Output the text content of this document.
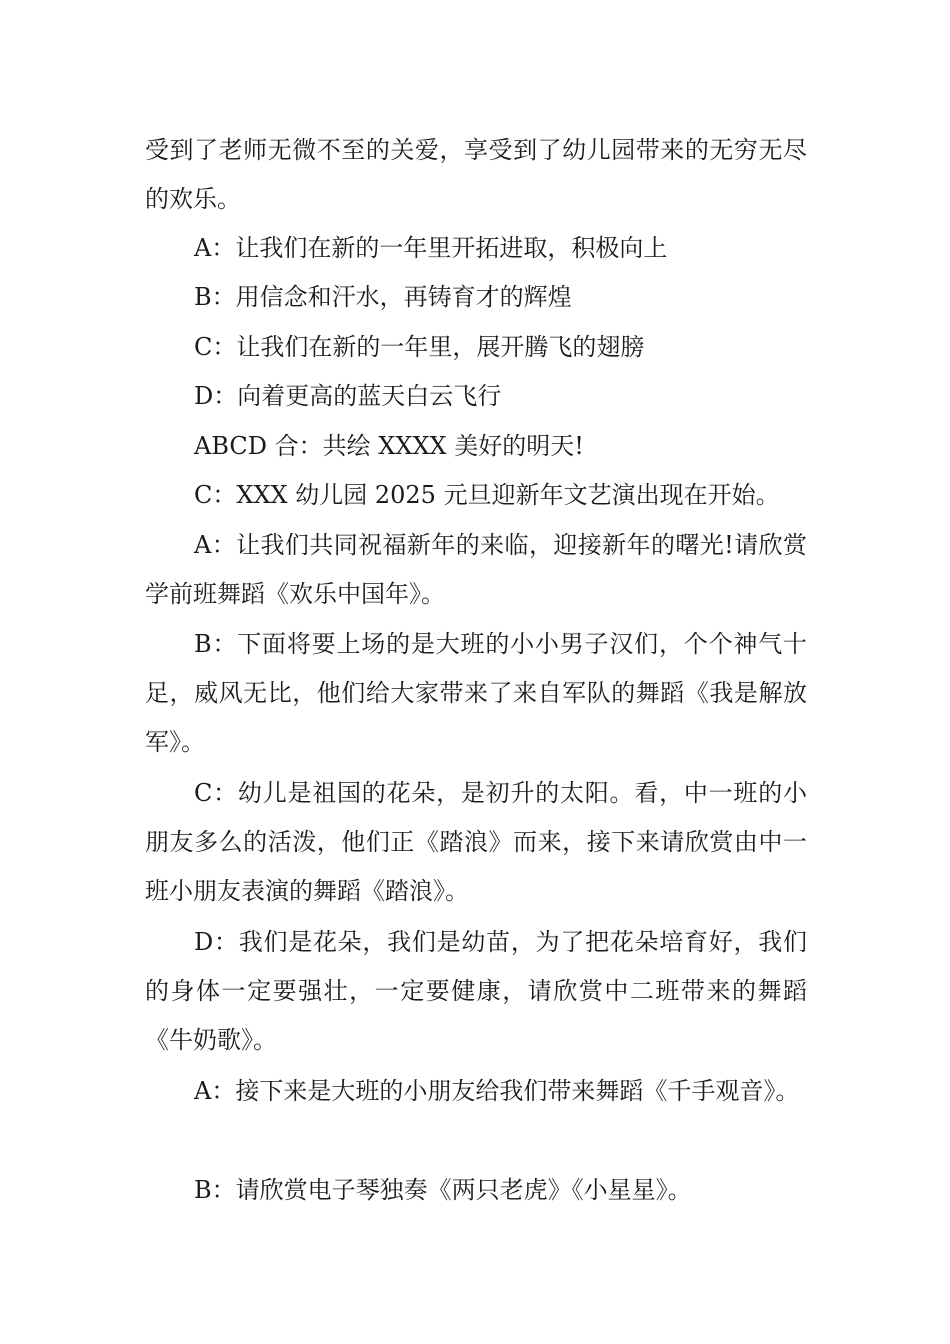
受到了老师无微不至的关爱，享受到了幼儿园带来的无穷无尽的欢乐。

A：让我们在新的一年里开拓进取，积极向上

B：用信念和汗水，再铸育才的辉煌

C：让我们在新的一年里，展开腾飞的翅膀

D：向着更高的蓝天白云飞行

ABCD 合：共绘 XXXX 美好的明天!

C：XXX 幼儿园 2025 元旦迎新年文艺演出现在开始。

A：让我们共同祝福新年的来临，迎接新年的曙光!请欣赏学前班舞蹈《欢乐中国年》。

B：下面将要上场的是大班的小小男子汉们，个个神气十足，威风无比，他们给大家带来了来自军队的舞蹈《我是解放军》。

C：幼儿是祖国的花朵，是初升的太阳。看，中一班的小朋友多么的活泼，他们正《踏浪》而来，接下来请欣赏由中一班小朋友表演的舞蹈《踏浪》。

D：我们是花朵，我们是幼苗，为了把花朵培育好，我们的身体一定要强壮，一定要健康，请欣赏中二班带来的舞蹈《牛奶歌》。

A：接下来是大班的小朋友给我们带来舞蹈《千手观音》。

B：请欣赏电子琴独奏《两只老虎》《小星星》。
